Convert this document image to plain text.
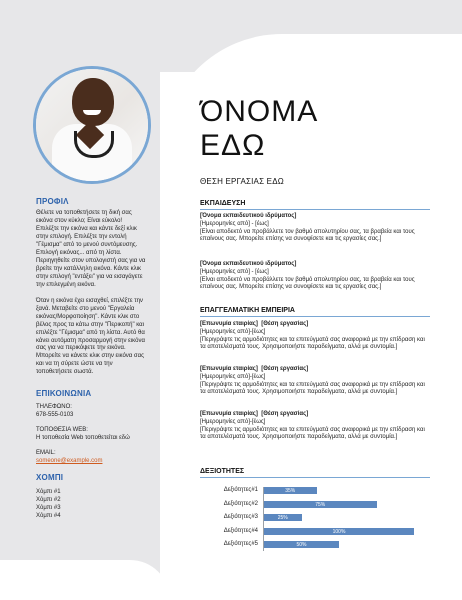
ΠΡΟΦΙΛ
Θέλετε να τοποθετήσετε τη δική σας
εικόνα στον κύκλο; Είναι εύκολο!
Επιλέξτε την εικόνα και κάντε δεξί κλικ
στην επιλογή. Επιλέξτε την εντολή
"Γέμισμα" από το μενού συντόμευσης.
Επιλογή εικόνας... από τη λίστα.
Περιηγηθείτε στον υπολογιστή σας για να
βρείτε την κατάλληλη εικόνα. Κάντε κλικ
στην επιλογή "εντάξει" για να εισαγάγετε
την επιλεγμένη εικόνα.

Όταν η εικόνα έχει εισαχθεί, επιλέξτε την
ξανά. Μεταβείτε στο μενού "Εργαλεία
εικόνας/Μορφοποίηση". Κάντε κλικ στο
βέλος προς τα κάτω στην "Περικοπή" και
επιλέξτε "Γέμισμα" από τη λίστα. Αυτό θα
κάνει αυτόματη προσαρμογή στην εικόνα
σας για να περικόψετε την εικόνα.
Μπορείτε να κάνετε κλικ στην εικόνα σας
και να τη σύρετε ώστε να την
τοποθετήσετε σωστά.
ΕΠΙΚΟΙΝΩΝΙΑ
ΤΗΛΕΦΩΝΟ:
678-555-0103
ΤΟΠΟΘΕΣΙΑ WEB:
Η τοποθεσία Web τοποθετείται εδώ
EMAIL:
someone@example.com
ΧΟΜΠΙ
Χόμπι #1
Χόμπι #2
Χόμπι #3
Χόμπι #4
ΌΝΟΜΑ
ΕΔΩ
ΘΕΣΗ ΕΡΓΑΣΙΑΣ ΕΔΩ
ΕΚΠΑΙΔΕΥΣΗ
[Όνομα εκπαιδευτικού ιδρύματος]
[Ημερομηνίες από] - [έως]
[Είναι αποδεκτό να προβάλλετε τον βαθμό απολυτηρίου σας, τα βραβεία και τους επαίνους σας. Μπορείτε επίσης να συνοψίσετε και τις εργασίες σας.]
[Όνομα εκπαιδευτικού ιδρύματος]
[Ημερομηνίες από] - [έως]
[Είναι αποδεκτό να προβάλλετε τον βαθμό απολυτηρίου σας, τα βραβεία και τους επαίνους σας. Μπορείτε επίσης να συνοψίσετε και τις εργασίες σας.]
ΕΠΑΓΓΕΛΜΑΤΙΚΗ ΕΜΠΕΙΡΙΑ
[Επωνυμία εταιρίας] [Θέση εργασίας]
[Ημερομηνίες από]-[έως]
[Περιγράψτε τις αρμοδιότητες και τα επιτεύγματά σας αναφορικά με την επίδραση και τα αποτελέσματά τους. Χρησιμοποιήστε παραδείγματα, αλλά με συντομία.]
[Επωνυμία εταιρίας] [Θέση εργασίας]
[Ημερομηνίες από]-[έως]
[Περιγράψτε τις αρμοδιότητες και τα επιτεύγματά σας αναφορικά με την επίδραση και τα αποτελέσματά τους. Χρησιμοποιήστε παραδείγματα, αλλά με συντομία.]
[Επωνυμία εταιρίας] [Θέση εργασίας]
[Ημερομηνίες από]-[έως]
[Περιγράψτε τις αρμοδιότητες και τα επιτεύγματά σας αναφορικά με την επίδραση και τα αποτελέσματά τους. Χρησιμοποιήστε παραδείγματα, αλλά με συντομία.]
ΔΕΞΙΟΤΗΤΕΣ
Δεξιότητες#1	35%
Δεξιότητες#2	75%
Δεξιότητες#3	25%
Δεξιότητες#4	100%
Δεξιότητες#5	50%
